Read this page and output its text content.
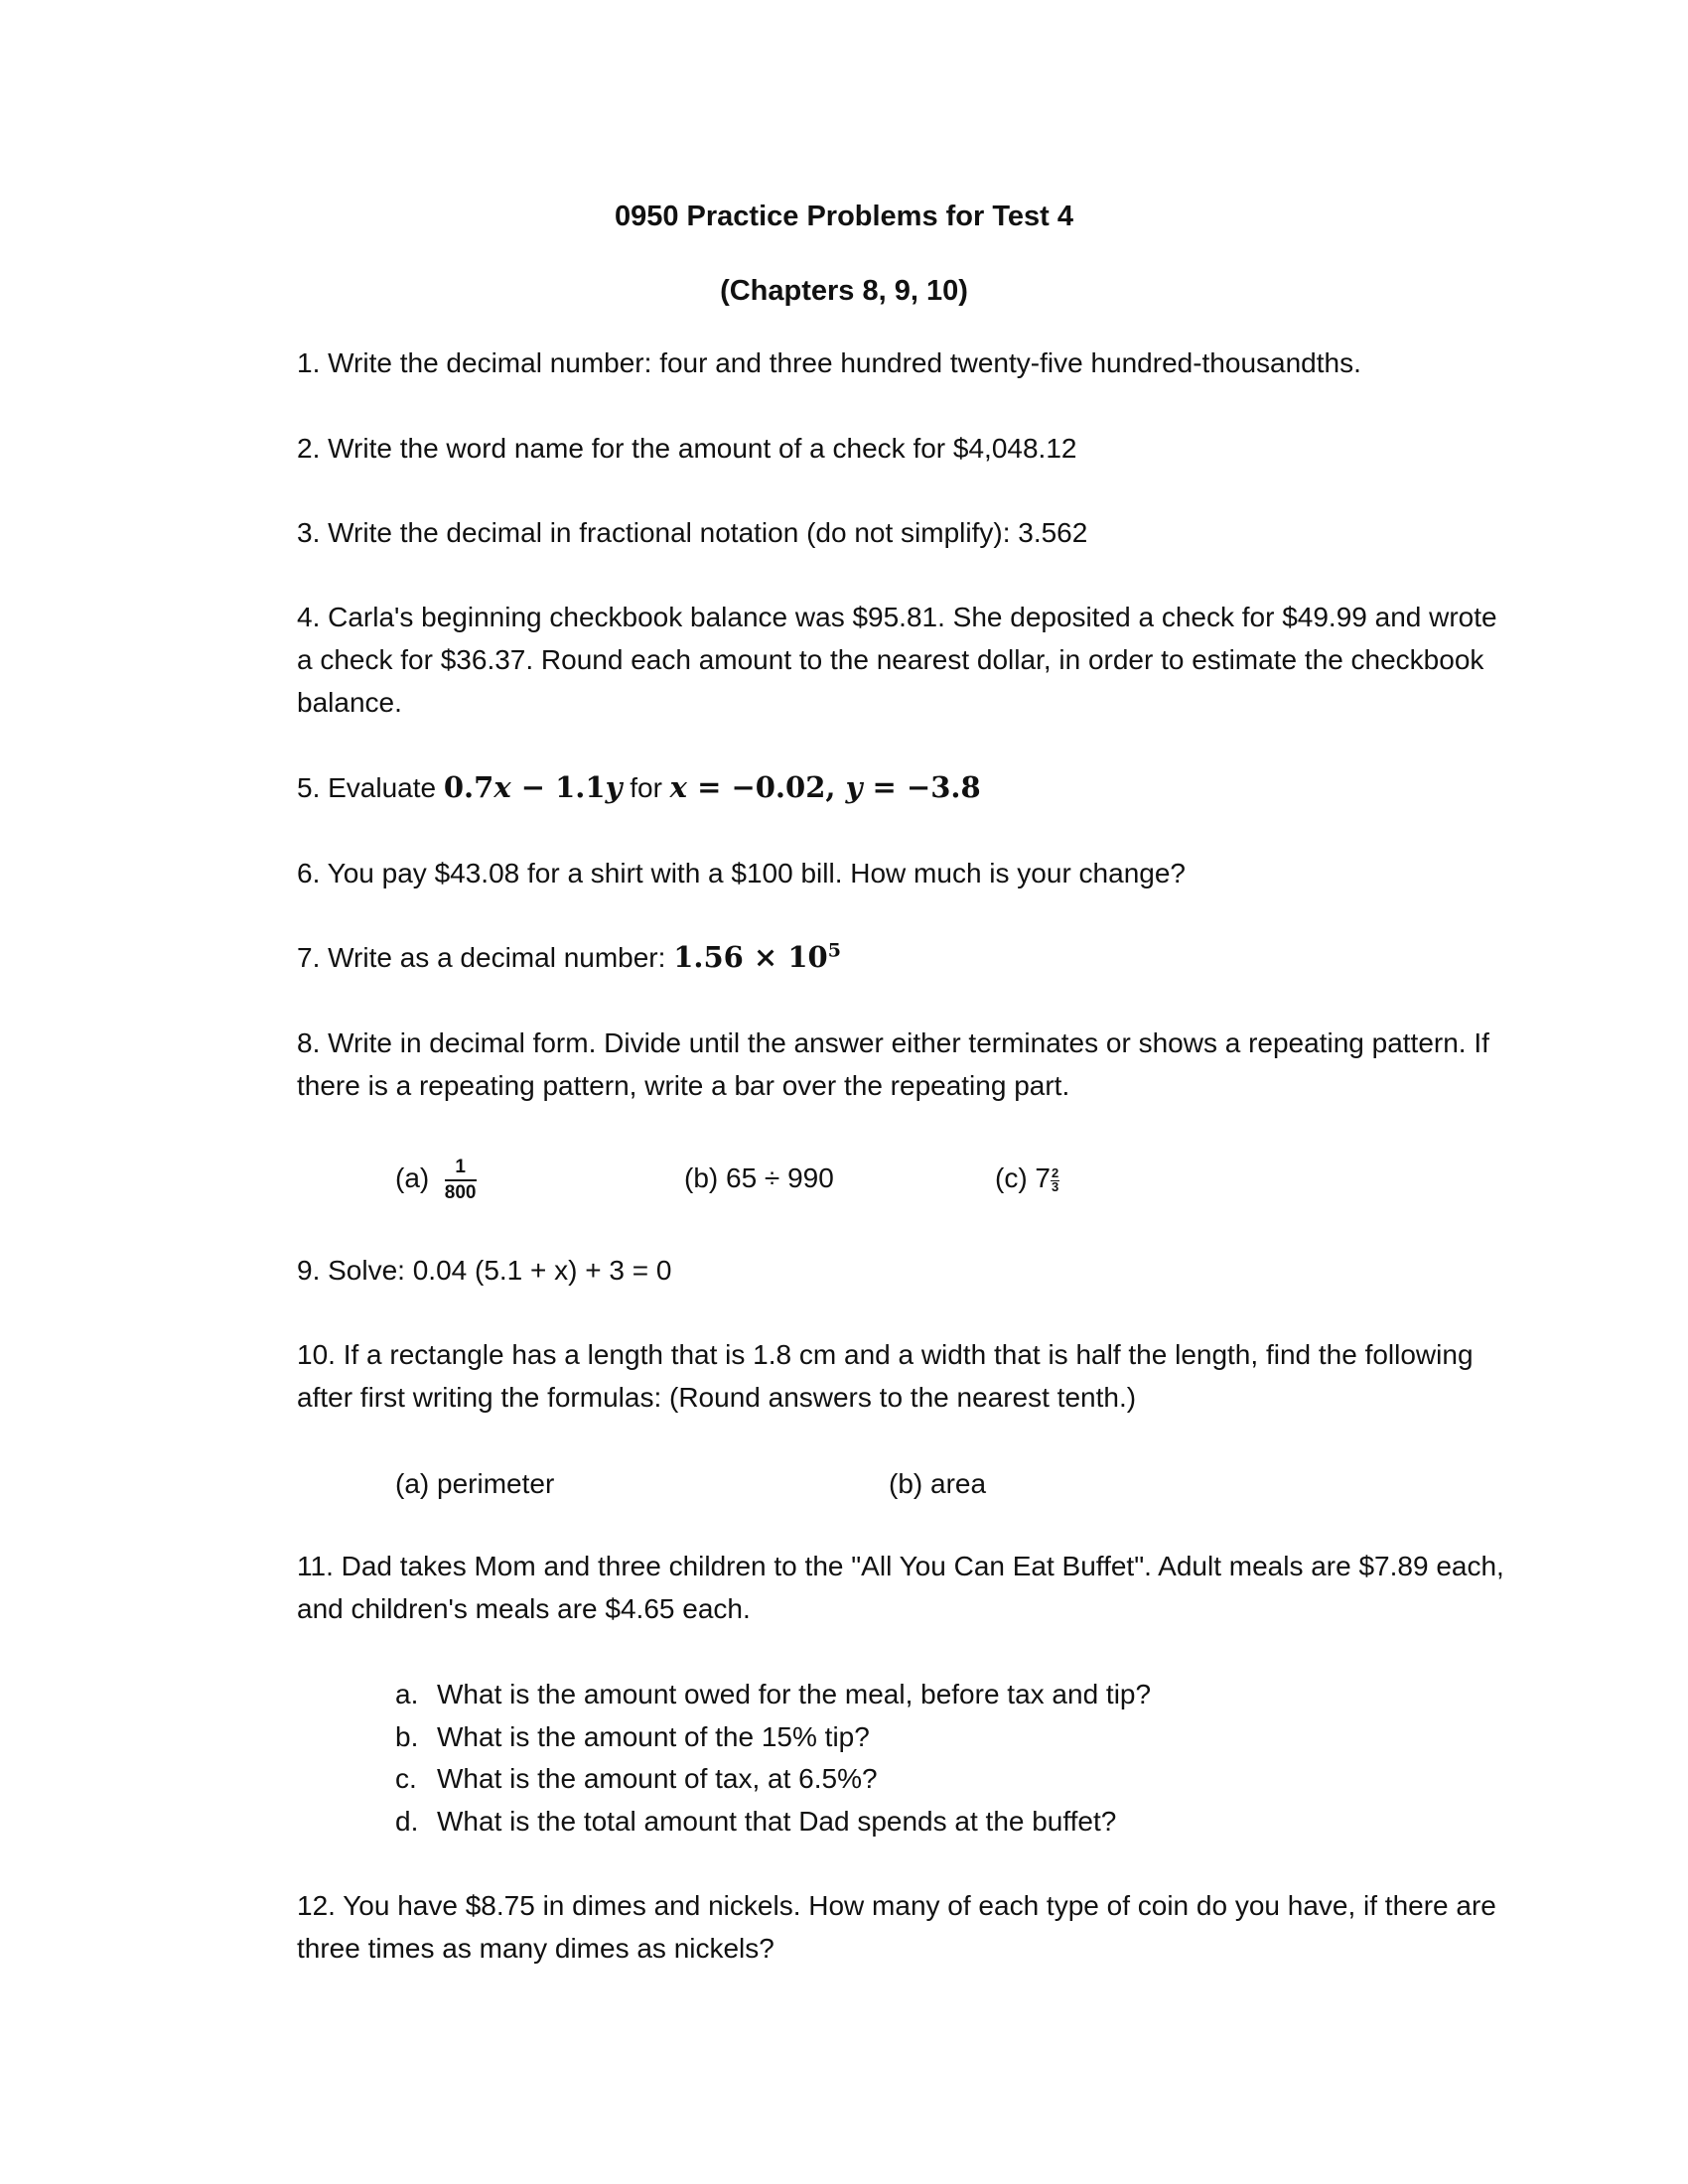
0950 Practice Problems for Test 4
(Chapters 8, 9, 10)
1. Write the decimal number: four and three hundred twenty-five hundred-thousandths.
2. Write the word name for the amount of a check for $4,048.12
3. Write the decimal in fractional notation (do not simplify): 3.562
4. Carla's beginning checkbook balance was $95.81. She deposited a check for $49.99 and wrote a check for $36.37. Round each amount to the nearest dollar, in order to estimate the checkbook balance.
5. Evaluate 0.7x − 1.1y for x = −0.02, y = −3.8
6. You pay $43.08 for a shirt with a $100 bill. How much is your change?
7. Write as a decimal number: $1.56 \times 10^5$
8. Write in decimal form. Divide until the answer either terminates or shows a repeating pattern. If there is a repeating pattern, write a bar over the repeating part.
$(a) \frac{1}{800}$	(b) 65 ÷ 990	(c) $7 \frac{2}{3}$
9. Solve: 0.04 (5.1 + x) + 3 = 0
10. If a rectangle has a length that is 1.8 cm and a width that is half the length, find the following after first writing the formulas: (Round answers to the nearest tenth.)
(a) perimeter	(b) area
11. Dad takes Mom and three children to the "All You Can Eat Buffet". Adult meals are $7.89 each, and children's meals are $4.65 each.
a. What is the amount owed for the meal, before tax and tip?
b. What is the amount of the 15% tip?
c. What is the amount of tax, at 6.5%?
d. What is the total amount that Dad spends at the buffet?
12. You have $8.75 in dimes and nickels. How many of each type of coin do you have, if there are three times as many dimes as nickels?
